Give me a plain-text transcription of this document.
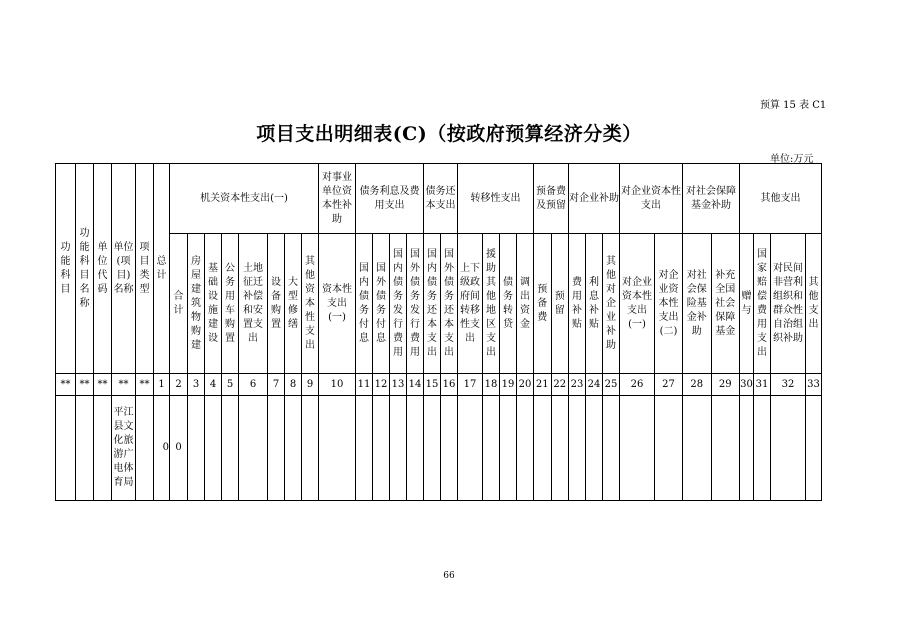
预算 15 表 C1
项目支出明细表(C)（按政府预算经济分类）
单位:万元
功能科目	功能科目名称	单位代码	单位(项目)名称	项目类型	总计	机关资本性支出(一)								对事业单位资本性补助	债务利息及费用支出				债务还本支出		转移性支出				预备费及预留		对企业补助			对企业资本性支出		对社会保障基金补助		其他支出			
						合计	房屋建筑物购建	基础设施建设	公务用车购置	土地征迁补偿和安置支出	设备购置	大型修缮	其他资本性支出	资本性支出(一)	国内债务付息	国外债务付息	国内债务发行费用	国外债务发行费用	国内债务还本支出	国外债务还本支出	上下级政府间转移性支出	援助其他地区支出	债务转贷	调出资金	预备费	预留	费用补贴	利息补贴	其他对企业补助	对企业资本性支出(一)	对企业资本性支出(二)	对社会保险基金补助	补充全国社会保障基金	赠与	国家赔偿费用支出	对民间非营利组织和群众性自治组织补助	其他支出
**	**	**	**	**	1	2	3	4	5	6	7	8	9	10	11	12	13	14	15	16	17	18	19	20	21	22	23	24	25	26	27	28	29	30	31	32	33
			平江县文化旅游广电体育局		0	0																															
66
